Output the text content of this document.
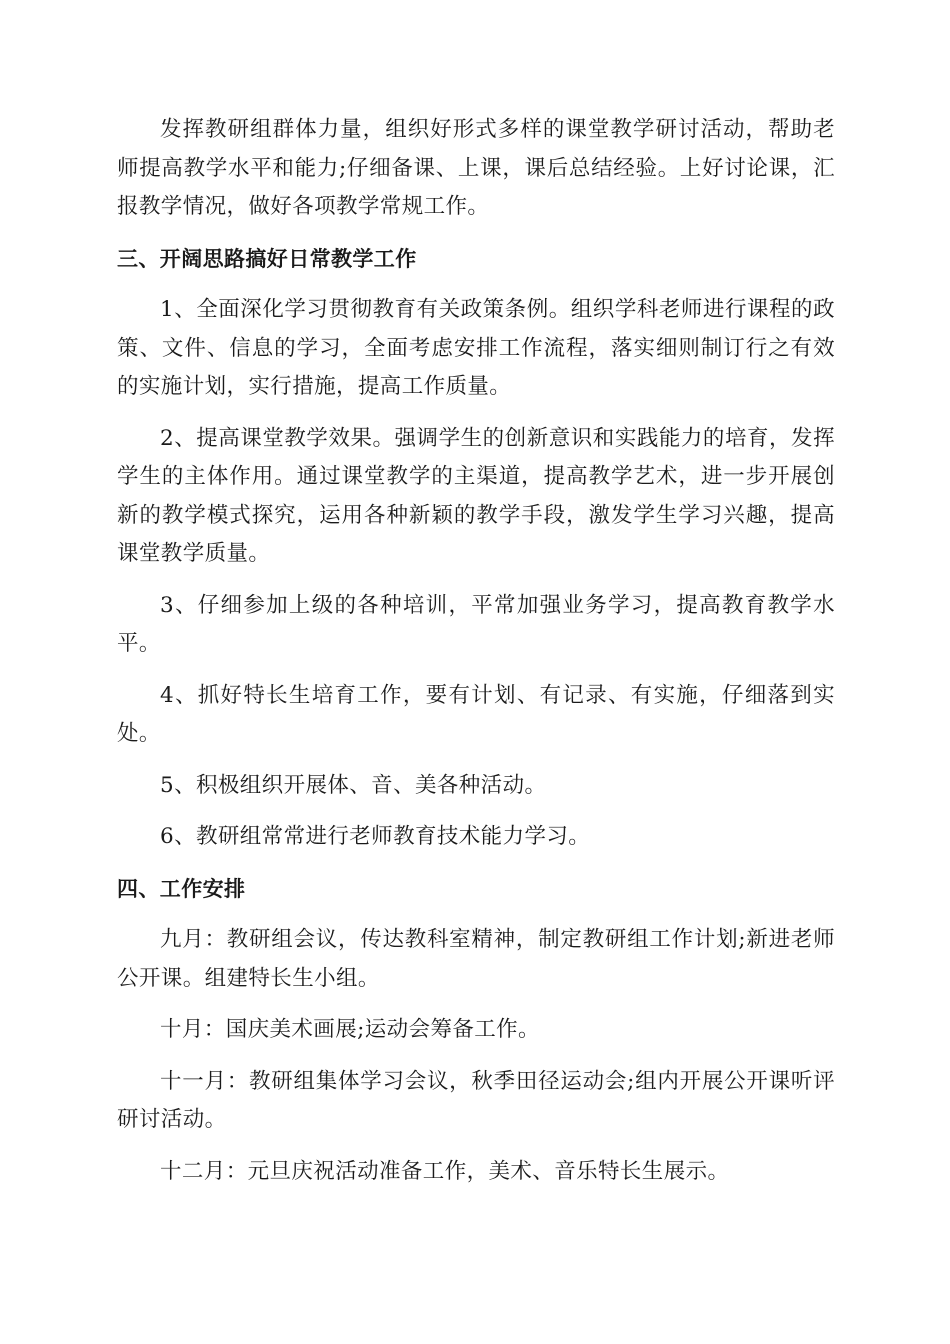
发挥教研组群体力量，组织好形式多样的课堂教学研讨活动，帮助老师提高教学水平和能力;仔细备课、上课，课后总结经验。上好讨论课，汇报教学情况，做好各项教学常规工作。

三、开阔思路搞好日常教学工作

1、全面深化学习贯彻教育有关政策条例。组织学科老师进行课程的政策、文件、信息的学习，全面考虑安排工作流程，落实细则制订行之有效的实施计划，实行措施，提高工作质量。

2、提高课堂教学效果。强调学生的创新意识和实践能力的培育，发挥学生的主体作用。通过课堂教学的主渠道，提高教学艺术，进一步开展创新的教学模式探究，运用各种新颖的教学手段，激发学生学习兴趣，提高课堂教学质量。

3、仔细参加上级的各种培训，平常加强业务学习，提高教育教学水平。

4、抓好特长生培育工作，要有计划、有记录、有实施，仔细落到实处。

5、积极组织开展体、音、美各种活动。

6、教研组常常进行老师教育技术能力学习。

四、工作安排

九月：教研组会议，传达教科室精神，制定教研组工作计划;新进老师公开课。组建特长生小组。

十月：国庆美术画展;运动会筹备工作。

十一月：教研组集体学习会议，秋季田径运动会;组内开展公开课听评研讨活动。

十二月：元旦庆祝活动准备工作，美术、音乐特长生展示。
